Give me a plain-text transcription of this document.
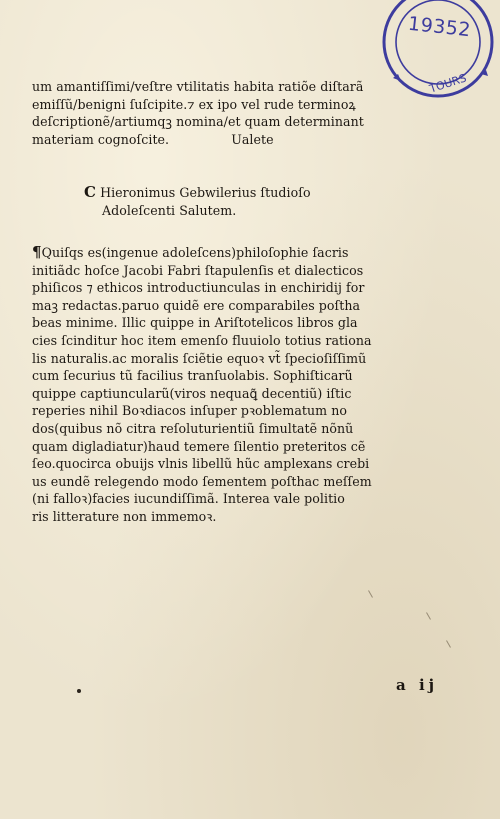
TOURS
19352
um amantiſſimi/veſtre vtilitatis habita ratiõe diſtarã
emiſſũ/benigni ſuſcipite.⁊ ex ipo vel rude terminoꝝ
deſcriptionẽ/artiumqꝫ nomina/et quam determinant
materiam cognoſcite.	Ualete
C Hieronimus Gebwilerius ſtudioſo
Adoleſcenti Salutem.
¶Quiſqs es(ingenue adoleſcens)philoſophie ſacris
initiãdc hoſce Jacobi Fabri ſtapulenſis et dialecticos
phiſicos ⁊ ethicos introductiunculas in enchiridij for
maꝫ redactas.paruo quidẽ ere comparabiles poſtha
beas minime. Illic quippe in Ariſtotelicos libros gla
cies ſcinditur hoc item emenſo fluuiolo totius rationa
lis naturalis.ac moralis ſciẽtie equoꝛ vt̃ ſpecioſiſſimũ
cum ſecurius tũ facilius tranſuolabis. Sophiſticarũ
quippe captiuncularũ(viros nequaꝗ̃ decentiũ) iſtic
reperies nihil Boꝛdiacos inſuper pꝛoblematum no
dos(quibus nõ citra reſoluturientiũ ſimultatẽ nõnũ
quam digladiatur)haud temere ſilentio preteritos cẽ
ſeo.quocirca obuijs vlnis libellũ hũc amplexans crebi
us eundẽ relegendo modo ſementem poſthac meſſem
(ni falloꝛ)facies iucundiſſimã. Interea vale politio
ris litterature non immemoꝛ.
a ij
